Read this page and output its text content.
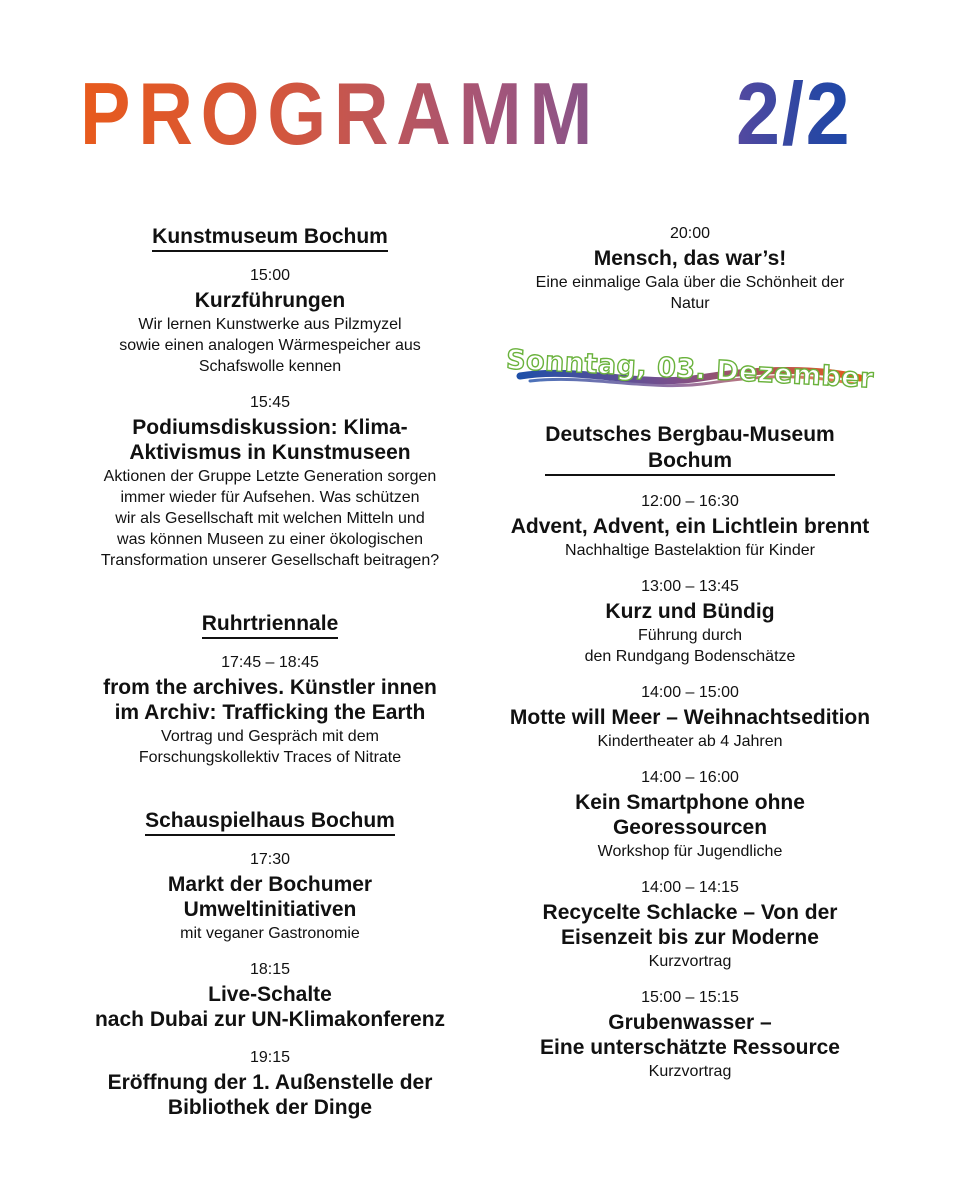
PROGRAMM 2/2
Kunstmuseum Bochum
15:00
Kurzführungen
Wir lernen Kunstwerke aus Pilzmyzel
sowie einen analogen Wärmespeicher aus
Schafswolle kennen
15:45
Podiumsdiskussion: Klima-
Aktivismus in Kunstmuseen
Aktionen der Gruppe Letzte Generation sorgen
immer wieder für Aufsehen. Was schützen
wir als Gesellschaft mit welchen Mitteln und
was können Museen zu einer ökologischen
Transformation unserer Gesellschaft beitragen?
Ruhrtriennale
17:45 – 18:45
from the archives. Künstler innen
im Archiv: Trafficking the Earth
Vortrag und Gespräch mit dem
Forschungskollektiv Traces of Nitrate
Schauspielhaus Bochum
17:30
Markt der Bochumer
Umweltinitiativen
mit veganer Gastronomie
18:15
Live-Schalte
nach Dubai zur UN-Klimakonferenz
19:15
Eröffnung der 1. Außenstelle der
Bibliothek der Dinge
20:00
Mensch, das war’s!
Eine einmalige Gala über die Schönheit der
Natur
Sonntag, 03. Dezember
Deutsches Bergbau-Museum
Bochum
12:00 – 16:30
Advent, Advent, ein Lichtlein brennt
Nachhaltige Bastelaktion für Kinder
13:00 – 13:45
Kurz und Bündig
Führung durch
den Rundgang Bodenschätze
14:00 – 15:00
Motte will Meer – Weihnachtsedition
Kindertheater ab 4 Jahren
14:00 – 16:00
Kein Smartphone ohne
Georessourcen
Workshop für Jugendliche
14:00 – 14:15
Recycelte Schlacke – Von der
Eisenzeit bis zur Moderne
Kurzvortrag
15:00 – 15:15
Grubenwasser –
Eine unterschätzte Ressource
Kurzvortrag
